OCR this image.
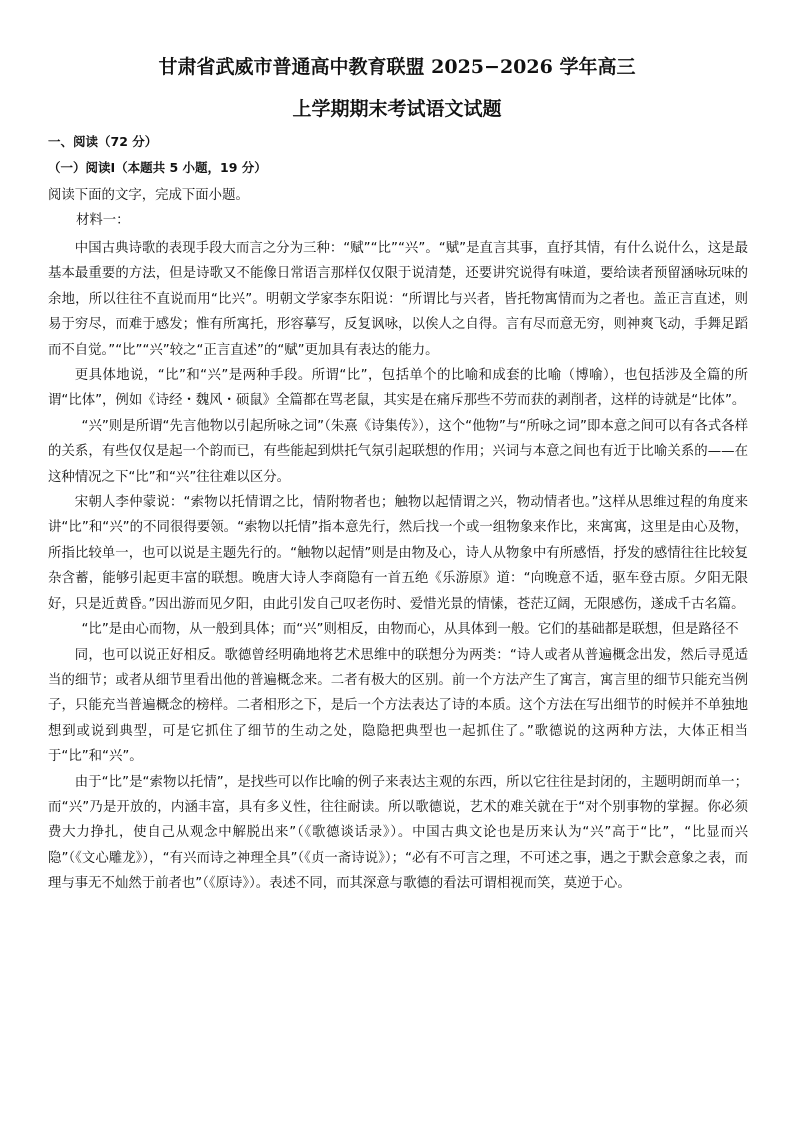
甘肃省武威市普通高中教育联盟 2025−2026 学年高三
上学期期末考试语文试题
一、阅读（72 分）
（一）阅读Ⅰ（本题共 5 小题，19 分）
阅读下面的文字，完成下面小题。
材料一：

中国古典诗歌的表现手段大而言之分为三种：“赋”“比”“兴”。“赋”是直言其事，直抒其情，有什么说什么，这是最基本最重要的方法，但是诗歌又不能像日常语言那样仅仅限于说清楚，还要讲究说得有味道，要给读者预留涵咏玩味的余地，所以往往不直说而用“比兴”。明朝文学家李东阳说：“所谓比与兴者，皆托物寓情而为之者也。盖正言直述，则易于穷尽，而难于感发；惟有所寓托，形容摹写，反复讽咏，以俟人之自得。言有尽而意无穷，则神爽飞动，手舞足蹈而不自觉。”“比”“兴”较之“正言直述”的“赋”更加具有表达的能力。

更具体地说，“比”和“兴”是两种手段。所谓“比”，包括单个的比喻和成套的比喻（博喻），也包括涉及全篇的所谓“比体”，例如《诗经・魏风・硕鼠》全篇都在骂老鼠，其实是在痛斥那些不劳而获的剥削者，这样的诗就是“比体”。

“兴”则是所谓“先言他物以引起所咏之词”（朱熹《诗集传》），这个“他物”与“所咏之词”即本意之间可以有各式各样的关系，有些仅仅是起一个韵而已，有些能起到烘托气氛引起联想的作用；兴词与本意之间也有近于比喻关系的——在这种情况之下“比”和“兴”往往难以区分。

宋朝人李仲蒙说：“索物以托情谓之比，情附物者也；触物以起情谓之兴，物动情者也。”这样从思维过程的角度来讲“比”和“兴”的不同很得要领。“索物以托情”指本意先行，然后找一个或一组物象来作比，来寓寓，这里是由心及物，所指比较单一，也可以说是主题先行的。“触物以起情”则是由物及心，诗人从物象中有所感悟，抒发的感情往往比较复杂含蓄，能够引起更丰富的联想。晚唐大诗人李商隐有一首五绝《乐游原》道：“向晚意不适，驱车登古原。夕阳无限好，只是近黄昏。”因出游而见夕阳，由此引发自己叹老伤时、爱惜光景的情愫，苍茫辽阔，无限感伤，遂成千古名篇。

“比”是由心而物，从一般到具体；而“兴”则相反，由物而心，从具体到一般。它们的基础都是联想，但是路径不

同，也可以说正好相反。歌德曾经明确地将艺术思维中的联想分为两类：“诗人或者从普遍概念出发，然后寻觅适当的细节；或者从细节里看出他的普遍概念来。二者有极大的区别。前一个方法产生了寓言，寓言里的细节只能充当例子，只能充当普遍概念的榜样。二者相形之下，是后一个方法表达了诗的本质。这个方法在写出细节的时候并不单独地想到或说到典型，可是它抓住了细节的生动之处，隐隐把典型也一起抓住了。”歌德说的这两种方法，大体正相当于“比”和“兴”。

由于“比”是“索物以托情”，是找些可以作比喻的例子来表达主观的东西，所以它往往是封闭的，主题明朗而单一；而“兴”乃是开放的，内涵丰富，具有多义性，往往耐读。所以歌德说，艺术的难关就在于“对个别事物的掌握。你必须费大力挣扎，使自己从观念中解脱出来”（《歌德谈话录》）。中国古典文论也是历来认为“兴”高于“比”，“比显而兴隐”（《文心雕龙》），“有兴而诗之神理全具”（《贞一斋诗说》）；“必有不可言之理，不可述之事，遇之于默会意象之表，而理与事无不灿然于前者也”（《原诗》）。表述不同，而其深意与歌德的看法可谓相视而笑，莫逆于心。
